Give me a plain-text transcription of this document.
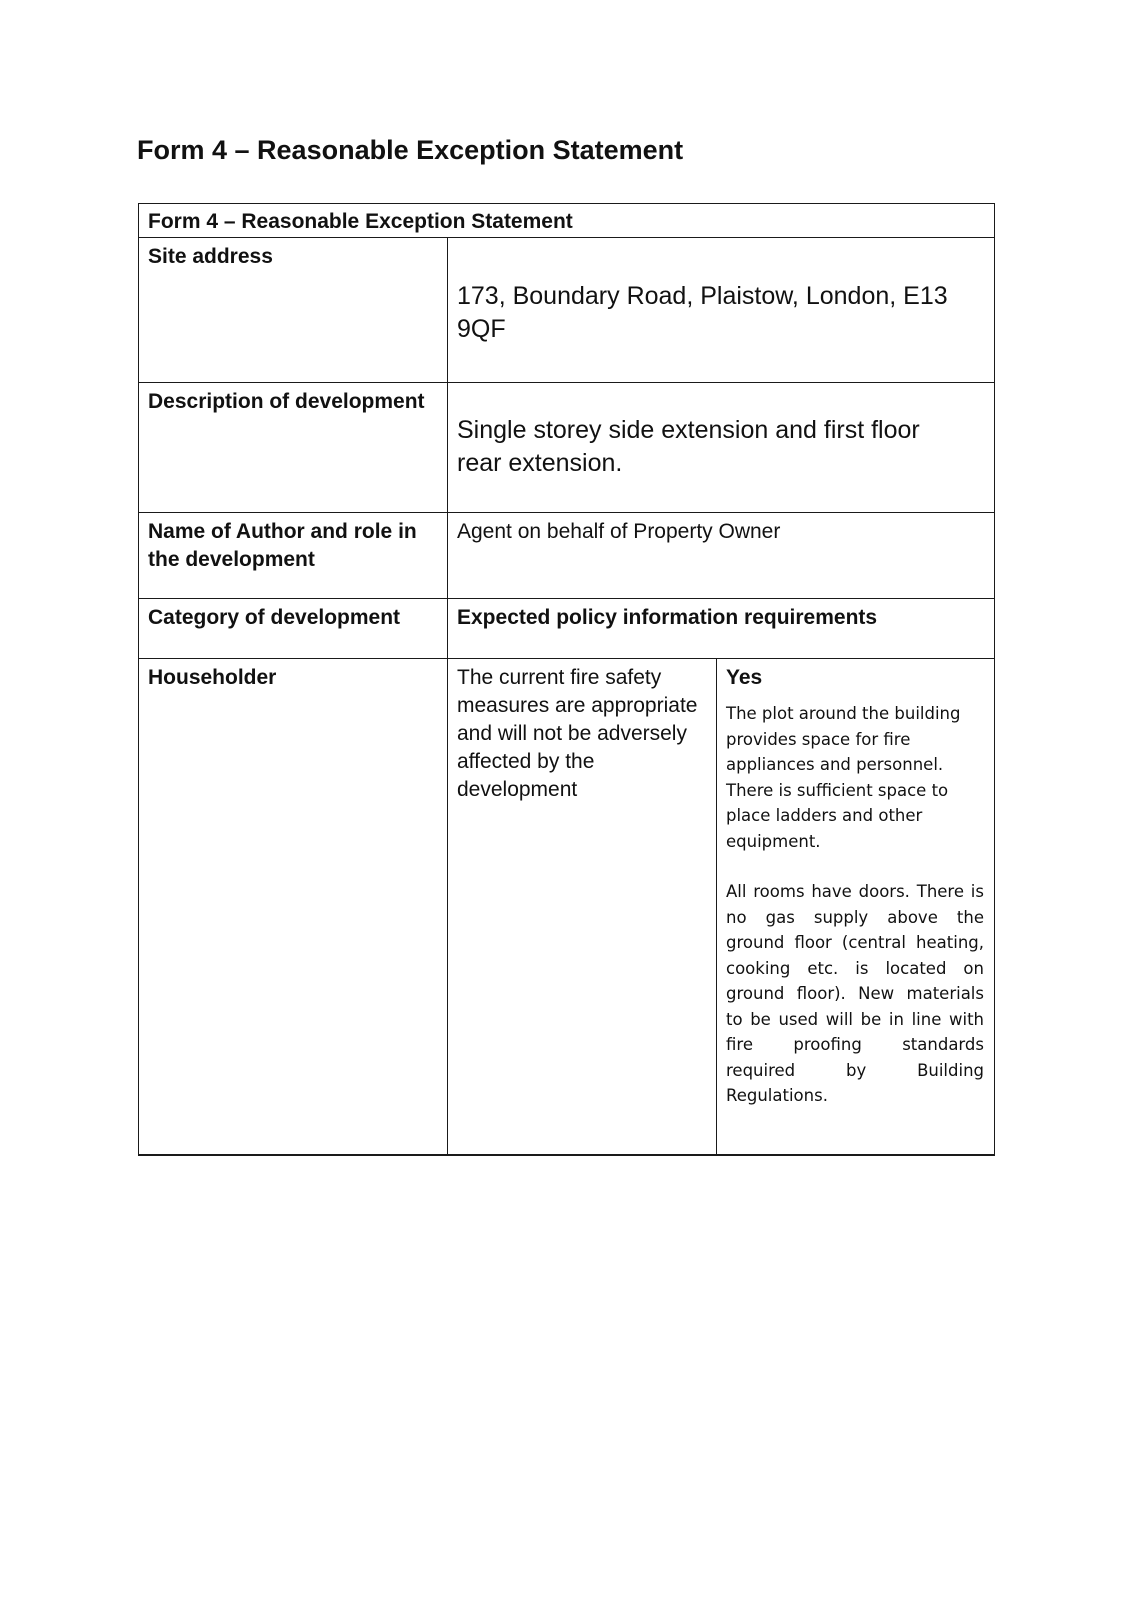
Form 4 – Reasonable Exception Statement
Form 4 – Reasonable Exception Statement		
Site address	173, Boundary Road, Plaistow, London, E13 9QF	

Description of development	Single storey side extension and first floor rear extension.	

Name of Author and role in the development	Agent on behalf of Property Owner	
Category of development	Expected policy information requirements	
Householder	The current fire safety measures are appropriate and will not be adversely affected by the development	Yes

The plot around the building provides space for fire appliances and personnel. There is sufficient space to place ladders and other equipment.

All rooms have doors. There is no gas supply above the ground floor (central heating, cooking etc. is located on ground floor). New materials to be used will be in line with fire proofing standards required by Building Regulations.
